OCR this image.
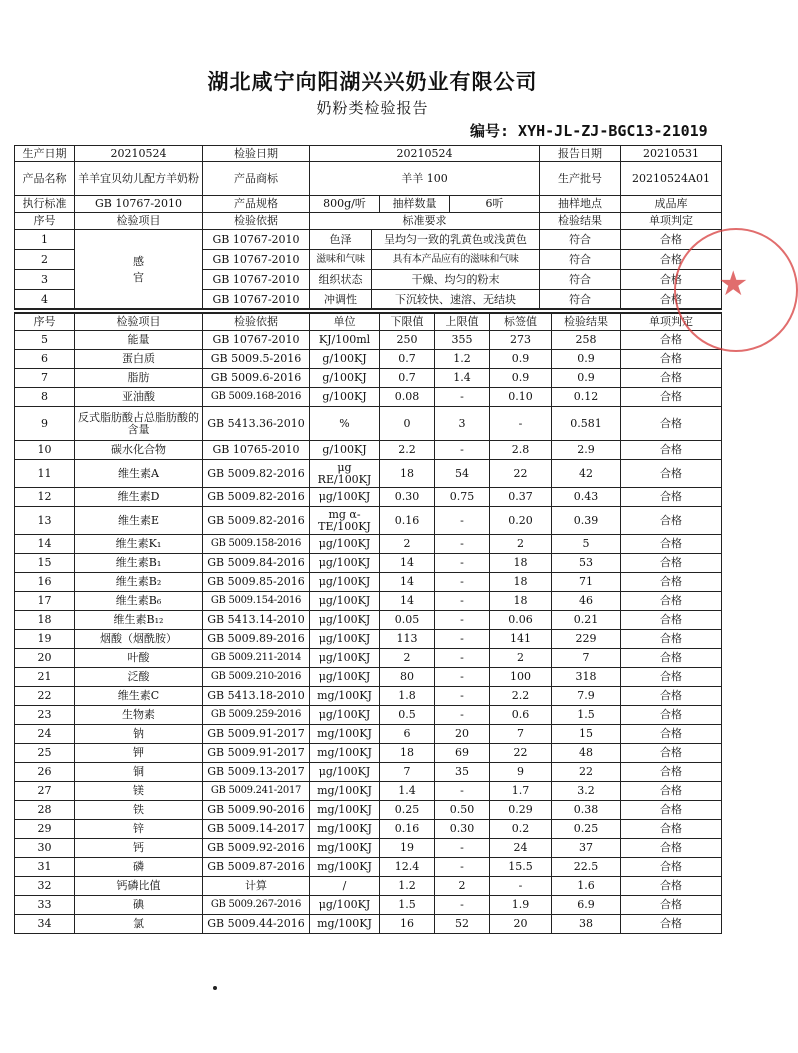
湖北咸宁向阳湖兴兴奶业有限公司
奶粉类检验报告
编号: XYH-JL-ZJ-BGC13-21019
生产日期	20210524	检验日期	20210524			报告日期	20210531
产品名称	羊羊宜贝幼儿配方羊奶粉	产品商标	羊羊 100			生产批号	20210524A01
执行标准	GB 10767-2010	产品规格	800g/听	抽样数量	6听	抽样地点	成品库
序号	检验项目	检验依据	标准要求		检验结果	单项判定
1	感 官	GB 10767-2010	色泽	呈均匀一致的乳黄色或浅黄色	符合	合格
2		GB 10767-2010	滋味和气味	具有本产品应有的滋味和气味	符合	合格
3		GB 10767-2010	组织状态	干燥、均匀的粉末	符合	合格
4		GB 10767-2010	冲调性	下沉较快、速溶、无结块	符合	合格
序号	检验项目	检验依据	单位	下限值	上限值	标签值	检验结果	单项判定
5	能量	GB 10767-2010	KJ/100ml	250	355	273	258	合格
6	蛋白质	GB 5009.5-2016	g/100KJ	0.7	1.2	0.9	0.9	合格
7	脂肪	GB 5009.6-2016	g/100KJ	0.7	1.4	0.9	0.9	合格
8	亚油酸	GB 5009.168-2016	g/100KJ	0.08	-	0.10	0.12	合格
9	反式脂肪酸占总脂肪酸的含量	GB 5413.36-2010	%	0	3	-	0.581	合格
10	碳水化合物	GB 10765-2010	g/100KJ	2.2	-	2.8	2.9	合格
11	维生素A	GB 5009.82-2016	μg RE/100KJ	18	54	22	42	合格
12	维生素D	GB 5009.82-2016	μg/100KJ	0.30	0.75	0.37	0.43	合格
13	维生素E	GB 5009.82-2016	mg α-TE/100KJ	0.16	-	0.20	0.39	合格
14	维生素K₁	GB 5009.158-2016	μg/100KJ	2	-	2	5	合格
15	维生素B₁	GB 5009.84-2016	μg/100KJ	14	-	18	53	合格
16	维生素B₂	GB 5009.85-2016	μg/100KJ	14	-	18	71	合格
17	维生素B₆	GB 5009.154-2016	μg/100KJ	14	-	18	46	合格
18	维生素B₁₂	GB 5413.14-2010	μg/100KJ	0.05	-	0.06	0.21	合格
19	烟酸（烟酰胺）	GB 5009.89-2016	μg/100KJ	113	-	141	229	合格
20	叶酸	GB 5009.211-2014	μg/100KJ	2	-	2	7	合格
21	泛酸	GB 5009.210-2016	μg/100KJ	80	-	100	318	合格
22	维生素C	GB 5413.18-2010	mg/100KJ	1.8	-	2.2	7.9	合格
23	生物素	GB 5009.259-2016	μg/100KJ	0.5	-	0.6	1.5	合格
24	钠	GB 5009.91-2017	mg/100KJ	6	20	7	15	合格
25	钾	GB 5009.91-2017	mg/100KJ	18	69	22	48	合格
26	铜	GB 5009.13-2017	μg/100KJ	7	35	9	22	合格
27	镁	GB 5009.241-2017	mg/100KJ	1.4	-	1.7	3.2	合格
28	铁	GB 5009.90-2016	mg/100KJ	0.25	0.50	0.29	0.38	合格
29	锌	GB 5009.14-2017	mg/100KJ	0.16	0.30	0.2	0.25	合格
30	钙	GB 5009.92-2016	mg/100KJ	19	-	24	37	合格
31	磷	GB 5009.87-2016	mg/100KJ	12.4	-	15.5	22.5	合格
32	钙磷比值	计算	/	1.2	2	-	1.6	合格
33	碘	GB 5009.267-2016	μg/100KJ	1.5	-	1.9	6.9	合格
34	氯	GB 5009.44-2016	mg/100KJ	16	52	20	38	合格
★
